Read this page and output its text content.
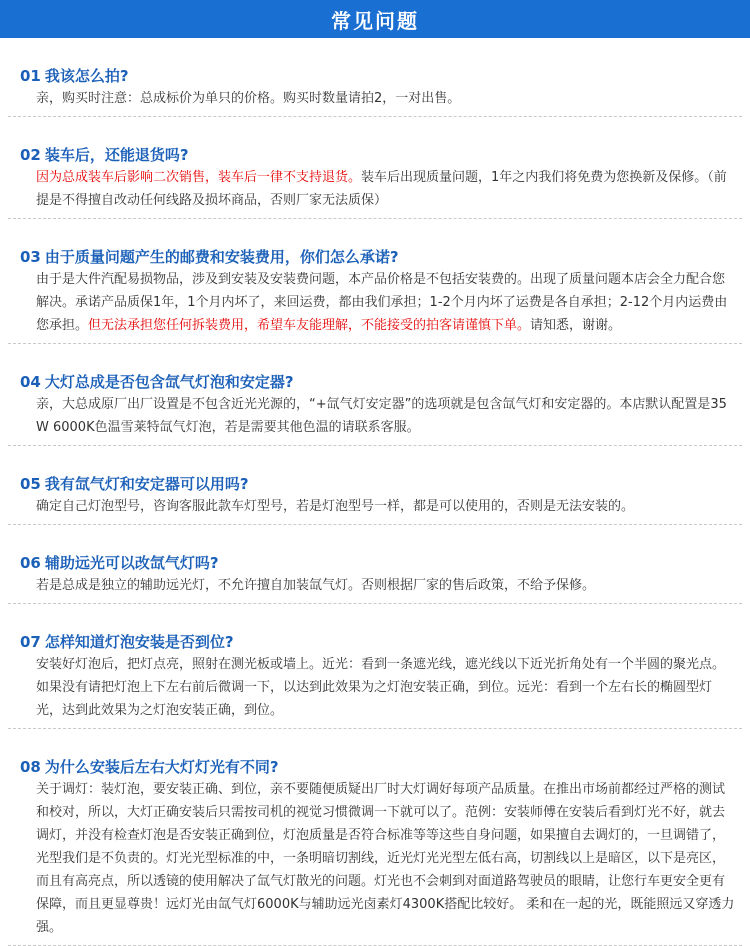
常见问题
01 我该怎么拍?
亲，购买时注意：总成标价为单只的价格。购买时数量请拍2，一对出售。
02 装车后，还能退货吗?
因为总成装车后影响二次销售，装车后一律不支持退货。装车后出现质量问题，1年之内我们将免费为您换新及保修。（前提是不得擅自改动任何线路及损坏商品，否则厂家无法质保）
03 由于质量问题产生的邮费和安装费用，你们怎么承诺?
由于是大件汽配易损物品，涉及到安装及安装费问题，本产品价格是不包括安装费的。出现了质量问题本店会全力配合您解决。承诺产品质保1年，1个月内坏了，来回运费，都由我们承担；1-2个月内坏了运费是各自承担；2-12个月内运费由您承担。但无法承担您任何拆装费用，希望车友能理解，不能接受的拍客请谨慎下单。请知悉，谢谢。
04 大灯总成是否包含氙气灯泡和安定器?
亲，大总成原厂出厂设置是不包含近光光源的，“+氙气灯安定器”的选项就是包含氙气灯和安定器的。本店默认配置是35W 6000K色温雪莱特氙气灯泡，若是需要其他色温的请联系客服。
05 我有氙气灯和安定器可以用吗?
确定自己灯泡型号，咨询客服此款车灯型号，若是灯泡型号一样，都是可以使用的，否则是无法安装的。
06 辅助远光可以改氙气灯吗?
若是总成是独立的辅助远光灯，不允许擅自加装氙气灯。否则根据厂家的售后政策，不给予保修。
07 怎样知道灯泡安装是否到位?
安装好灯泡后，把灯点亮，照射在测光板或墙上。近光：看到一条遮光线，遮光线以下近光折角处有一个半圆的聚光点。如果没有请把灯泡上下左右前后微调一下，以达到此效果为之灯泡安装正确，到位。远光：看到一个左右长的椭圆型灯光，达到此效果为之灯泡安装正确，到位。
08 为什么安装后左右大灯灯光有不同?
关于调灯：装灯泡，要安装正确、到位，亲不要随便质疑出厂时大灯调好每项产品质量。在推出市场前都经过严格的测试和校对，所以，大灯正确安装后只需按司机的视觉习惯微调一下就可以了。范例：安装师傅在安装后看到灯光不好，就去调灯，并没有检查灯泡是否安装正确到位，灯泡质量是否符合标准等等这些自身问题，如果擅自去调灯的，一旦调错了，光型我们是不负责的。灯光光型标准的中，一条明暗切割线，近光灯光光型左低右高，切割线以上是暗区，以下是亮区，而且有高亮点，所以透镜的使用解决了氙气灯散光的问题。灯光也不会刺到对面道路驾驶员的眼睛，让您行车更安全更有保障，而且更显尊贵！远灯光由氙气灯6000K与辅助远光卤素灯4300K搭配比较好。 柔和在一起的光，既能照远又穿透力强。
